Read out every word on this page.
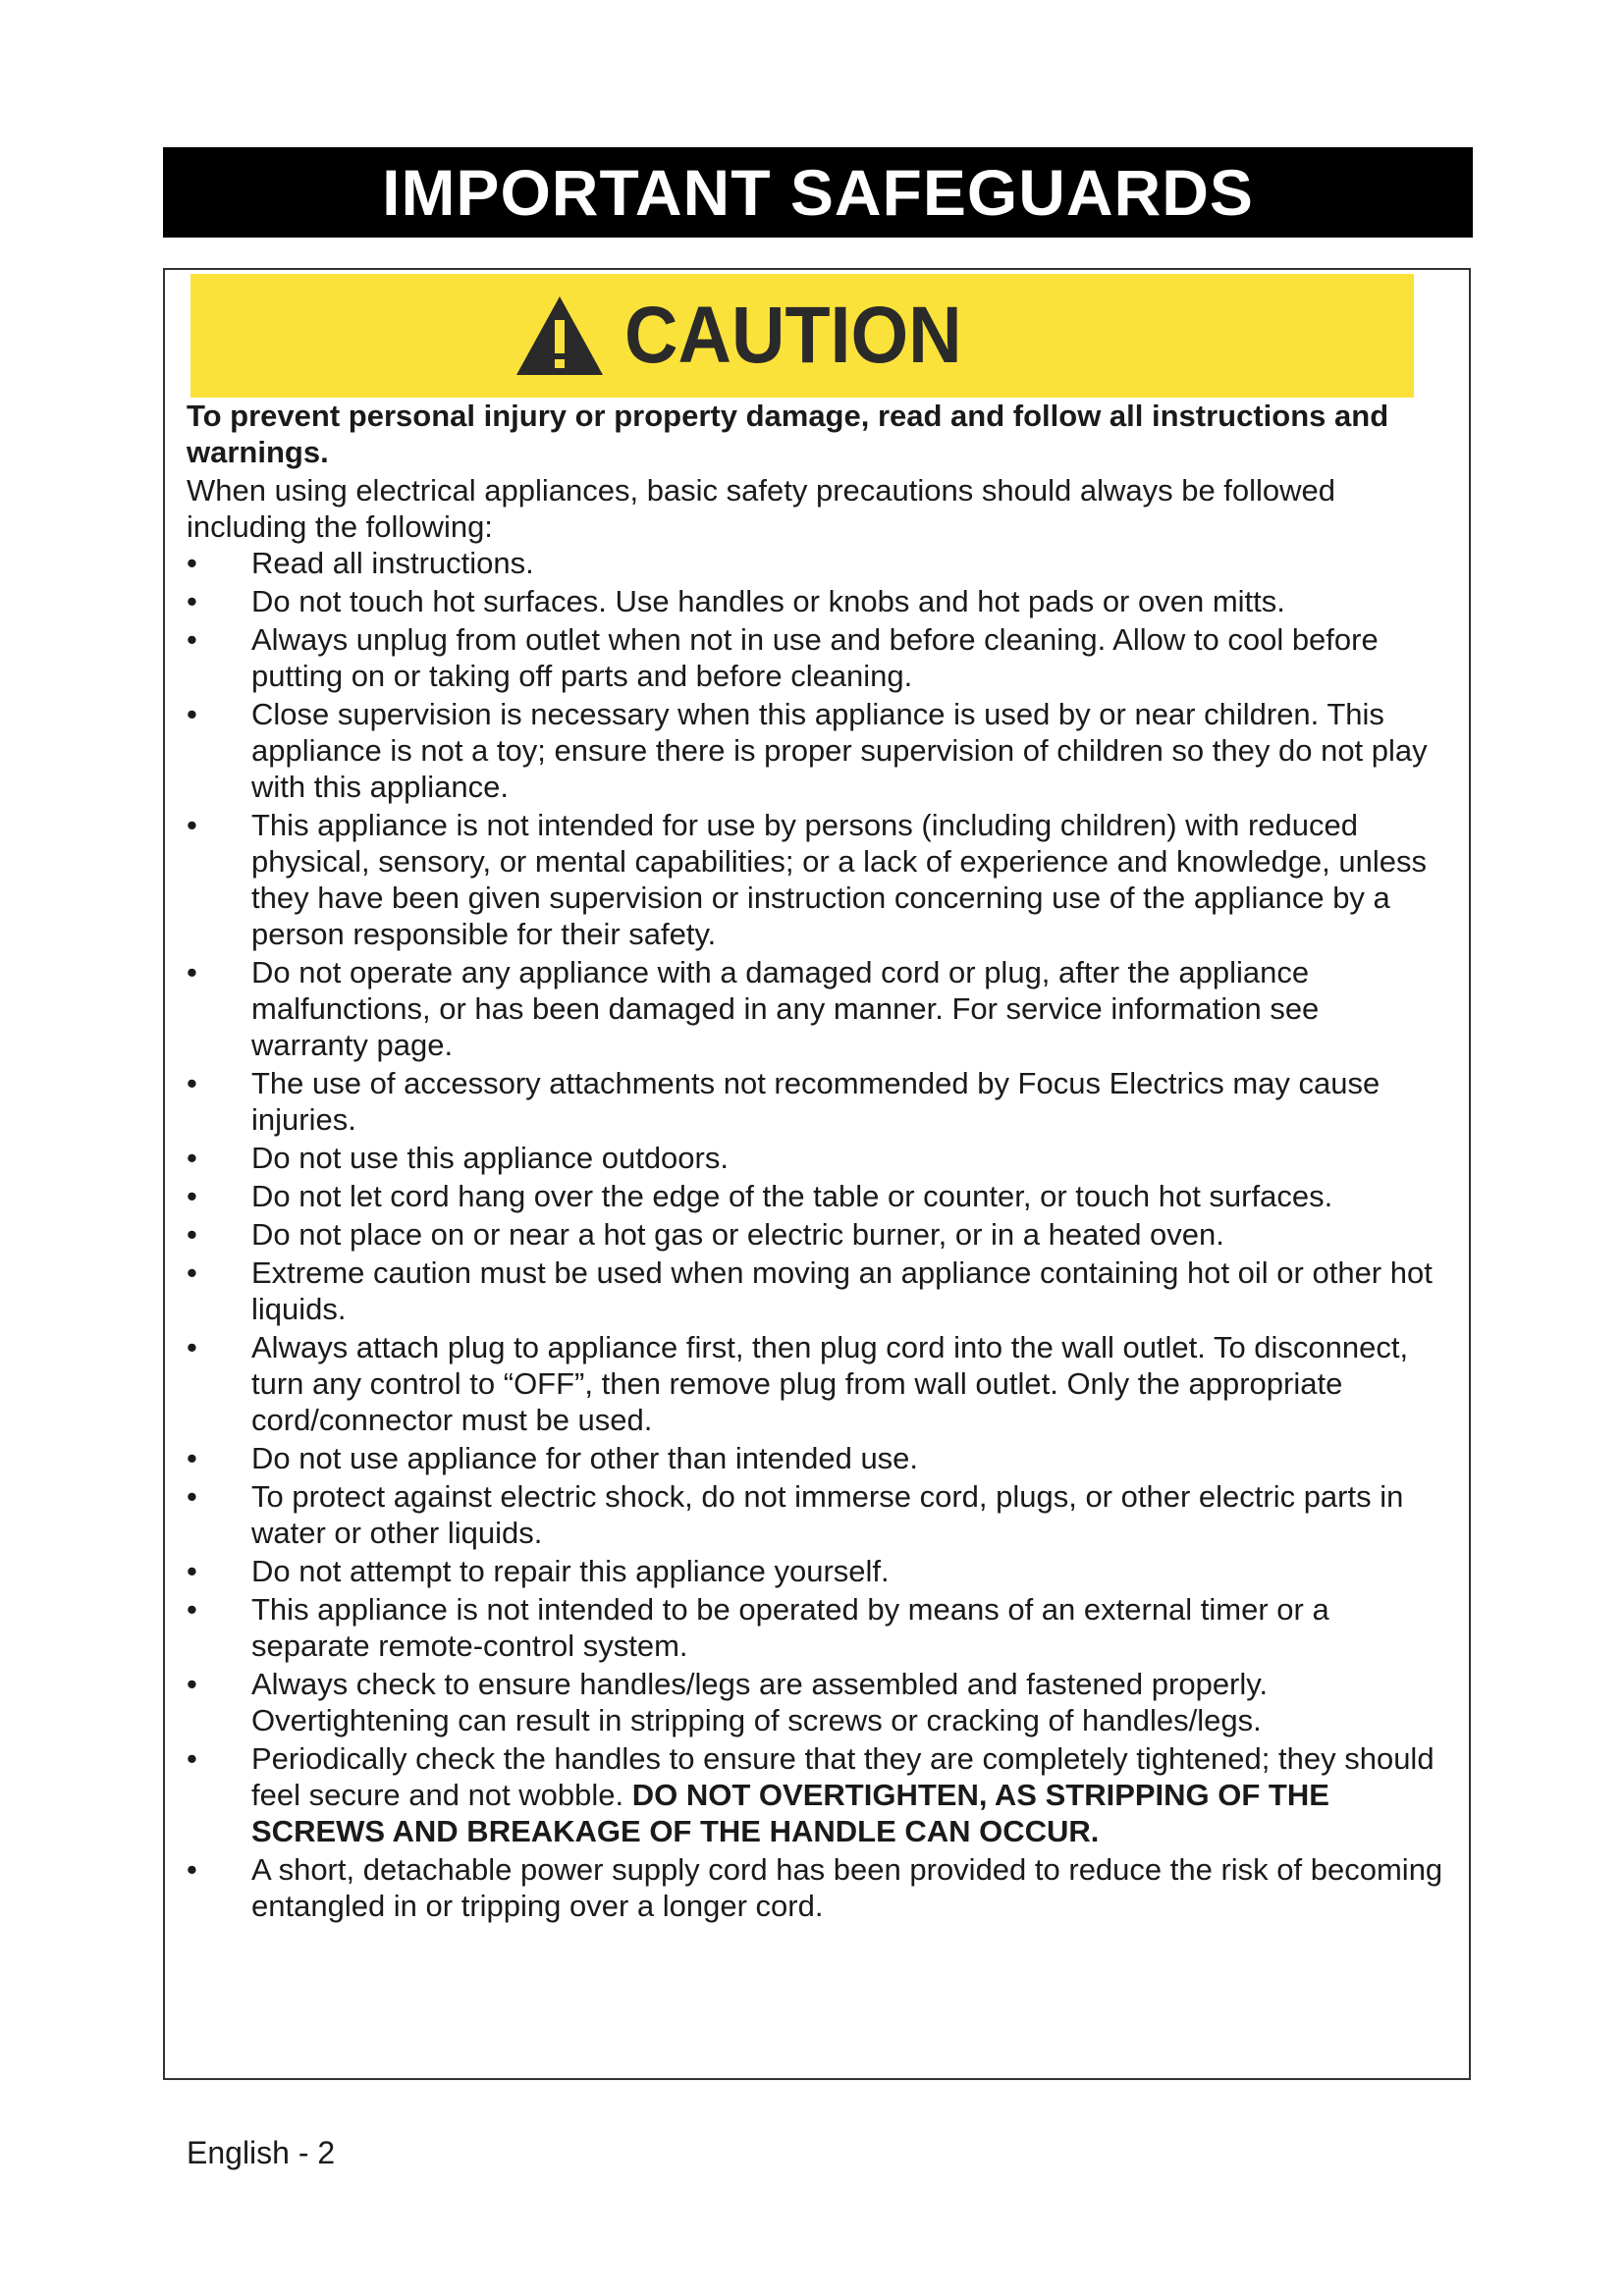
IMPORTANT SAFEGUARDS
CAUTION

To prevent personal injury or property damage, read and follow all instructions and warnings.

When using electrical appliances, basic safety precautions should always be followed including the following:

• Read all instructions.
• Do not touch hot surfaces. Use handles or knobs and hot pads or oven mitts.
• Always unplug from outlet when not in use and before cleaning. Allow to cool before putting on or taking off parts and before cleaning.
• Close supervision is necessary when this appliance is used by or near children. This appliance is not a toy; ensure there is proper supervision of children so they do not play with this appliance.
• This appliance is not intended for use by persons (including children) with reduced physical, sensory, or mental capabilities; or a lack of experience and knowledge, unless they have been given supervision or instruction concerning use of the appliance by a person responsible for their safety.
• Do not operate any appliance with a damaged cord or plug, after the appliance malfunctions, or has been damaged in any manner. For service information see warranty page.
• The use of accessory attachments not recommended by Focus Electrics may cause injuries.
• Do not use this appliance outdoors.
• Do not let cord hang over the edge of the table or counter, or touch hot surfaces.
• Do not place on or near a hot gas or electric burner, or in a heated oven.
• Extreme caution must be used when moving an appliance containing hot oil or other hot liquids.
• Always attach plug to appliance first, then plug cord into the wall outlet. To disconnect, turn any control to “OFF”, then remove plug from wall outlet. Only the appropriate cord/connector must be used.
• Do not use appliance for other than intended use.
• To protect against electric shock, do not immerse cord, plugs, or other electric parts in water or other liquids.
• Do not attempt to repair this appliance yourself.
• This appliance is not intended to be operated by means of an external timer or a separate remote-control system.
• Always check to ensure handles/legs are assembled and fastened properly. Overtightening can result in stripping of screws or cracking of handles/legs.
• Periodically check the handles to ensure that they are completely tightened; they should feel secure and not wobble. DO NOT OVERTIGHTEN, AS STRIPPING OF THE SCREWS AND BREAKAGE OF THE HANDLE CAN OCCUR.
• A short, detachable power supply cord has been provided to reduce the risk of becoming entangled in or tripping over a longer cord.
English - 2
